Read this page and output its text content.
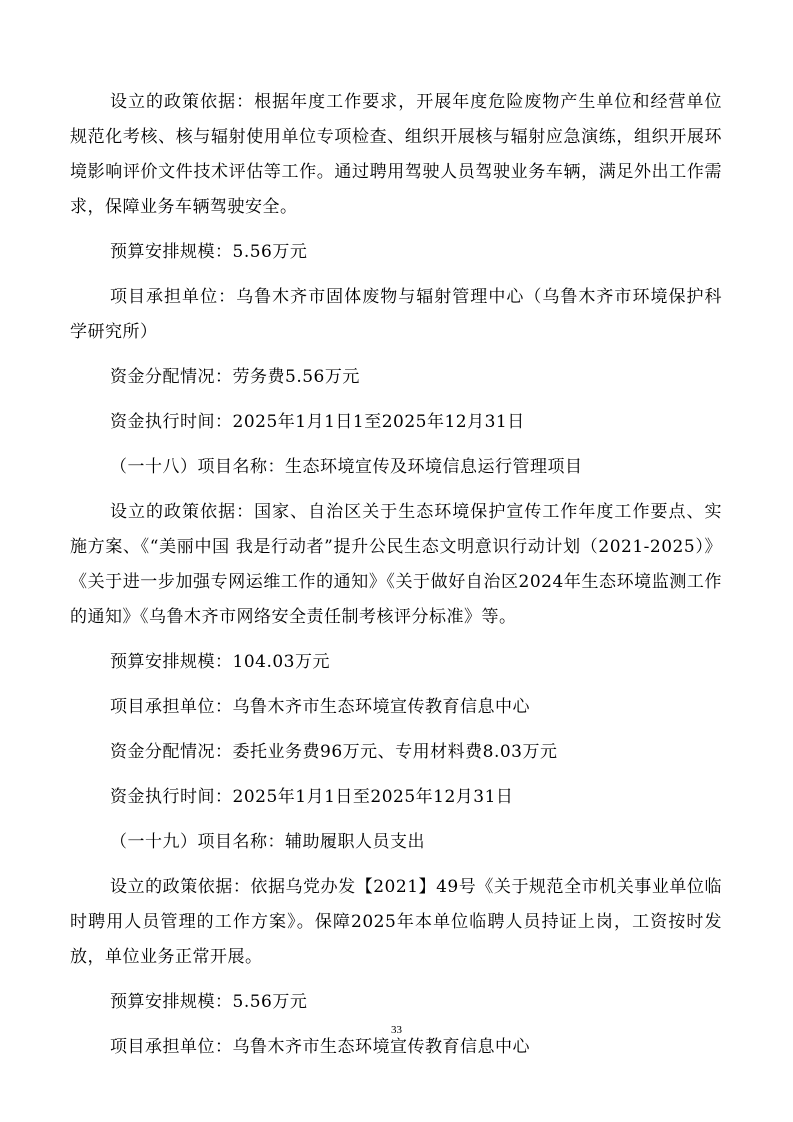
设立的政策依据：根据年度工作要求，开展年度危险废物产生单位和经营单位规范化考核、核与辐射使用单位专项检查、组织开展核与辐射应急演练，组织开展环境影响评价文件技术评估等工作。通过聘用驾驶人员驾驶业务车辆，满足外出工作需求，保障业务车辆驾驶安全。

预算安排规模：5.56万元

项目承担单位：乌鲁木齐市固体废物与辐射管理中心（乌鲁木齐市环境保护科学研究所）

资金分配情况：劳务费5.56万元

资金执行时间：2025年1月1日1至2025年12月31日

（一十八）项目名称：生态环境宣传及环境信息运行管理项目

设立的政策依据：国家、自治区关于生态环境保护宣传工作年度工作要点、实施方案、《“美丽中国 我是行动者”提升公民生态文明意识行动计划（2021-2025）》《关于进一步加强专网运维工作的通知》《关于做好自治区2024年生态环境监测工作的通知》《乌鲁木齐市网络安全责任制考核评分标准》等。

预算安排规模：104.03万元

项目承担单位：乌鲁木齐市生态环境宣传教育信息中心

资金分配情况：委托业务费96万元、专用材料费8.03万元

资金执行时间：2025年1月1日至2025年12月31日

（一十九）项目名称：辅助履职人员支出

设立的政策依据：依据乌党办发【2021】49号《关于规范全市机关事业单位临时聘用人员管理的工作方案》。保障2025年本单位临聘人员持证上岗，工资按时发放，单位业务正常开展。

预算安排规模：5.56万元

项目承担单位：乌鲁木齐市生态环境宣传教育信息中心

33
